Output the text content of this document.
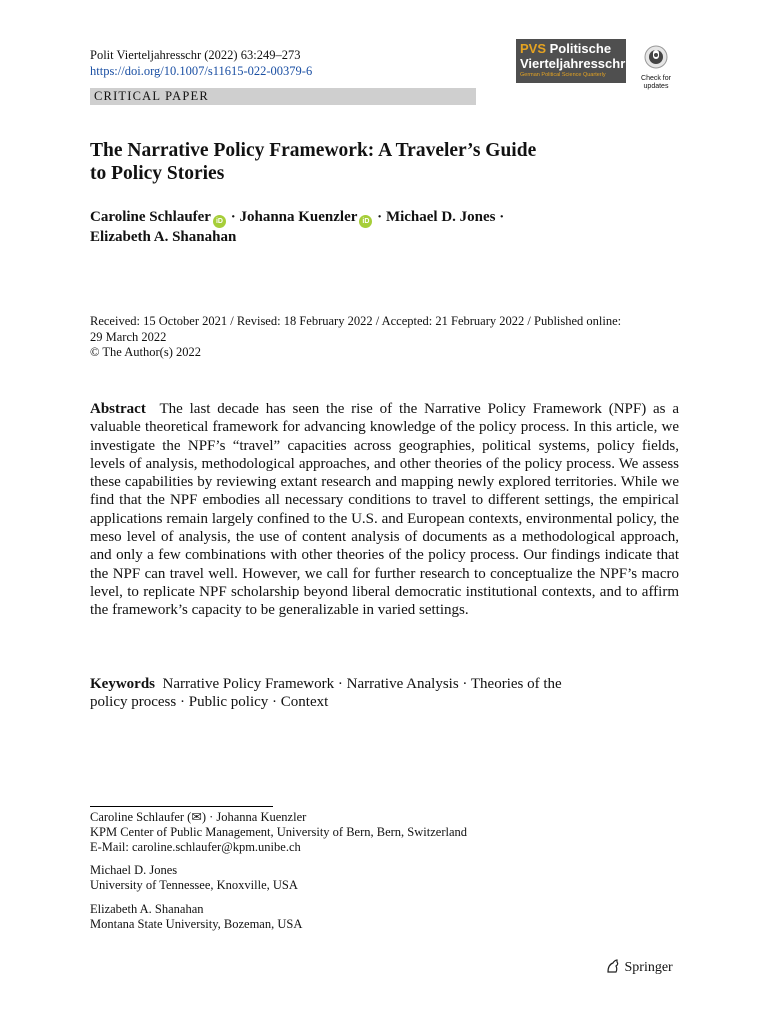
Polit Vierteljahresschr (2022) 63:249–273
https://doi.org/10.1007/s11615-022-00379-6
CRITICAL PAPER
PVS Politische
Vierteljahresschrift
German Political Science Quarterly	Check for
updates
The Narrative Policy Framework: A Traveler’s Guide
to Policy Stories
Caroline Schlaufer iD · Johanna Kuenzler iD · Michael D. Jones ·
Elizabeth A. Shanahan
Received: 15 October 2021 / Revised: 18 February 2022 / Accepted: 21 February 2022 / Published online:
29 March 2022
© The Author(s) 2022
Abstract The last decade has seen the rise of the Narrative Policy Framework (NPF) as a valuable theoretical framework for advancing knowledge of the policy process. In this article, we investigate the NPF’s “travel” capacities across geographies, political systems, policy fields, levels of analysis, methodological approaches, and other theories of the policy process. We assess these capabilities by reviewing extant research and mapping newly explored territories. While we find that the NPF embodies all necessary conditions to travel to different settings, the empirical applications remain largely confined to the U.S. and European contexts, environmental policy, the meso level of analysis, the use of content analysis of documents as a methodological approach, and only a few combinations with other theories of the policy process. Our findings indicate that the NPF can travel well. However, we call for further research to conceptualize the NPF’s macro level, to replicate NPF scholarship beyond liberal democratic institutional contexts, and to affirm the framework’s capacity to be generalizable in varied settings.
Keywords Narrative Policy Framework · Narrative Analysis · Theories of the
policy process · Public policy · Context
Caroline Schlaufer (✉) · Johanna Kuenzler
KPM Center of Public Management, University of Bern, Bern, Switzerland
E-Mail: caroline.schlaufer@kpm.unibe.ch
Michael D. Jones
University of Tennessee, Knoxville, USA
Elizabeth A. Shanahan
Montana State University, Bozeman, USA
Springer
